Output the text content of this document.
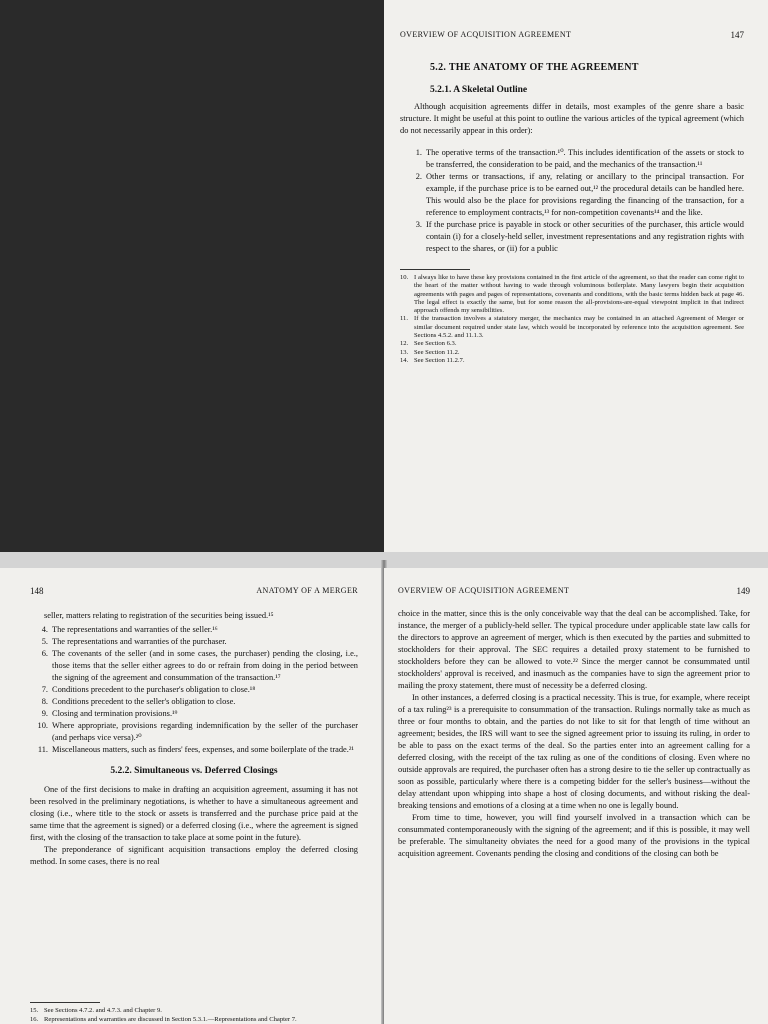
OVERVIEW OF ACQUISITION AGREEMENT	147
5.2. THE ANATOMY OF THE AGREEMENT
5.2.1. A Skeletal Outline

Although acquisition agreements differ in details, most examples of the genre share a basic structure. It might be useful at this point to outline the various articles of the typical agreement (which do not necessarily appear in this order):

1. The operative terms of the transaction.¹⁰. This includes identification of the assets or stock to be transferred, the consideration to be paid, and the mechanics of the transaction.¹¹
2. Other terms or transactions, if any, relating or ancillary to the principal transaction. For example, if the purchase price is to be earned out,¹² the procedural details can be handled here. This would also be the place for provisions regarding the financing of the transaction, for a reference to employment contracts,¹³ for non-competition covenants¹⁴ and the like.
3. If the purchase price is payable in stock or other securities of the purchaser, this article would contain (i) for a closely-held seller, investment representations and any registration rights with respect to the shares, or (ii) for a public
10. I always like to have these key provisions contained in the first article of the agreement, so that the reader can come right to the heart of the matter without having to wade through voluminous boilerplate. Many lawyers begin their acquisition agreements with pages and pages of representations, covenants and conditions, with the basic terms hidden back at page 46. The legal effect is exactly the same, but for some reason the all-provisions-are-equal viewpoint implicit in that indirect approach offends my sensibilities.
11. If the transaction involves a statutory merger, the mechanics may be contained in an attached Agreement of Merger or similar document required under state law, which would be incorporated by reference into the acquisition agreement. See Sections 4.5.2. and 11.1.3.
12. See Section 6.3.
13. See Section 11.2.
14. See Section 11.2.7.
148	ANATOMY OF A MERGER
seller, matters relating to registration of the securities being issued.¹⁵
4. The representations and warranties of the seller.¹⁶
5. The representations and warranties of the purchaser.
6. The covenants of the seller (and in some cases, the purchaser) pending the closing, i.e., those items that the seller either agrees to do or refrain from doing in the period between the signing of the agreement and consummation of the transaction.¹⁷
7. Conditions precedent to the purchaser's obligation to close.¹⁸
8. Conditions precedent to the seller's obligation to close.
9. Closing and termination provisions.¹⁹
10. Where appropriate, provisions regarding indemnification by the seller of the purchaser (and perhaps vice versa).²⁰
11. Miscellaneous matters, such as finders' fees, expenses, and some boilerplate of the trade.²¹
5.2.2. Simultaneous vs. Deferred Closings

One of the first decisions to make in drafting an acquisition agreement, assuming it has not been resolved in the preliminary negotiations, is whether to have a simultaneous agreement and closing (i.e., where title to the stock or assets is transferred and the purchase price paid at the same time that the agreement is signed) or a deferred closing (i.e., where the agreement is signed first, with the closing of the transaction to take place at some point in the future).

The preponderance of significant acquisition transactions employ the deferred closing method. In some cases, there is no real

15. See Sections 4.7.2. and 4.7.3. and Chapter 9.
16. Representations and warranties are discussed in Section 5.3.1.—Representations and Chapter 7.
OVERVIEW OF ACQUISITION AGREEMENT	149

choice in the matter, since this is the only conceivable way that the deal can be accomplished. Take, for instance, the merger of a publicly-held seller. The typical procedure under applicable state law calls for the directors to approve an agreement of merger, which is then executed by the parties and submitted to stockholders for their approval. The SEC requires a detailed proxy statement to be furnished to stockholders before they can be allowed to vote.²² Since the merger cannot be consummated until stockholders' approval is received, and inasmuch as the companies have to sign the agreement prior to mailing the proxy statement, there must of necessity be a deferred closing.

In other instances, a deferred closing is a practical necessity. This is true, for example, where receipt of a tax ruling²³ is a prerequisite to consummation of the transaction. Rulings normally take as much as three or four months to obtain, and the parties do not like to sit for that length of time without an agreement; besides, the IRS will want to see the signed agreement prior to issuing its ruling, in order to be able to pass on the exact terms of the deal. So the parties enter into an agreement calling for a deferred closing, with the receipt of the tax ruling as one of the conditions of closing. Even where no outside approvals are required, the purchaser often has a strong desire to tie the seller up contractually as soon as possible, particularly where there is a competing bidder for the seller's business—without the delay attendant upon whipping into shape a host of closing documents, and without risking the deal-breaking tensions and emotions of a closing at a time when no one is legally bound.

From time to time, however, you will find yourself involved in a transaction which can be consummated contemporaneously with the signing of the agreement; and if this is possible, it may well be preferable. The simultaneity obviates the need for a good many of the provisions in the typical acquisition agreement. Covenants pending the closing and conditions of the closing can both be
